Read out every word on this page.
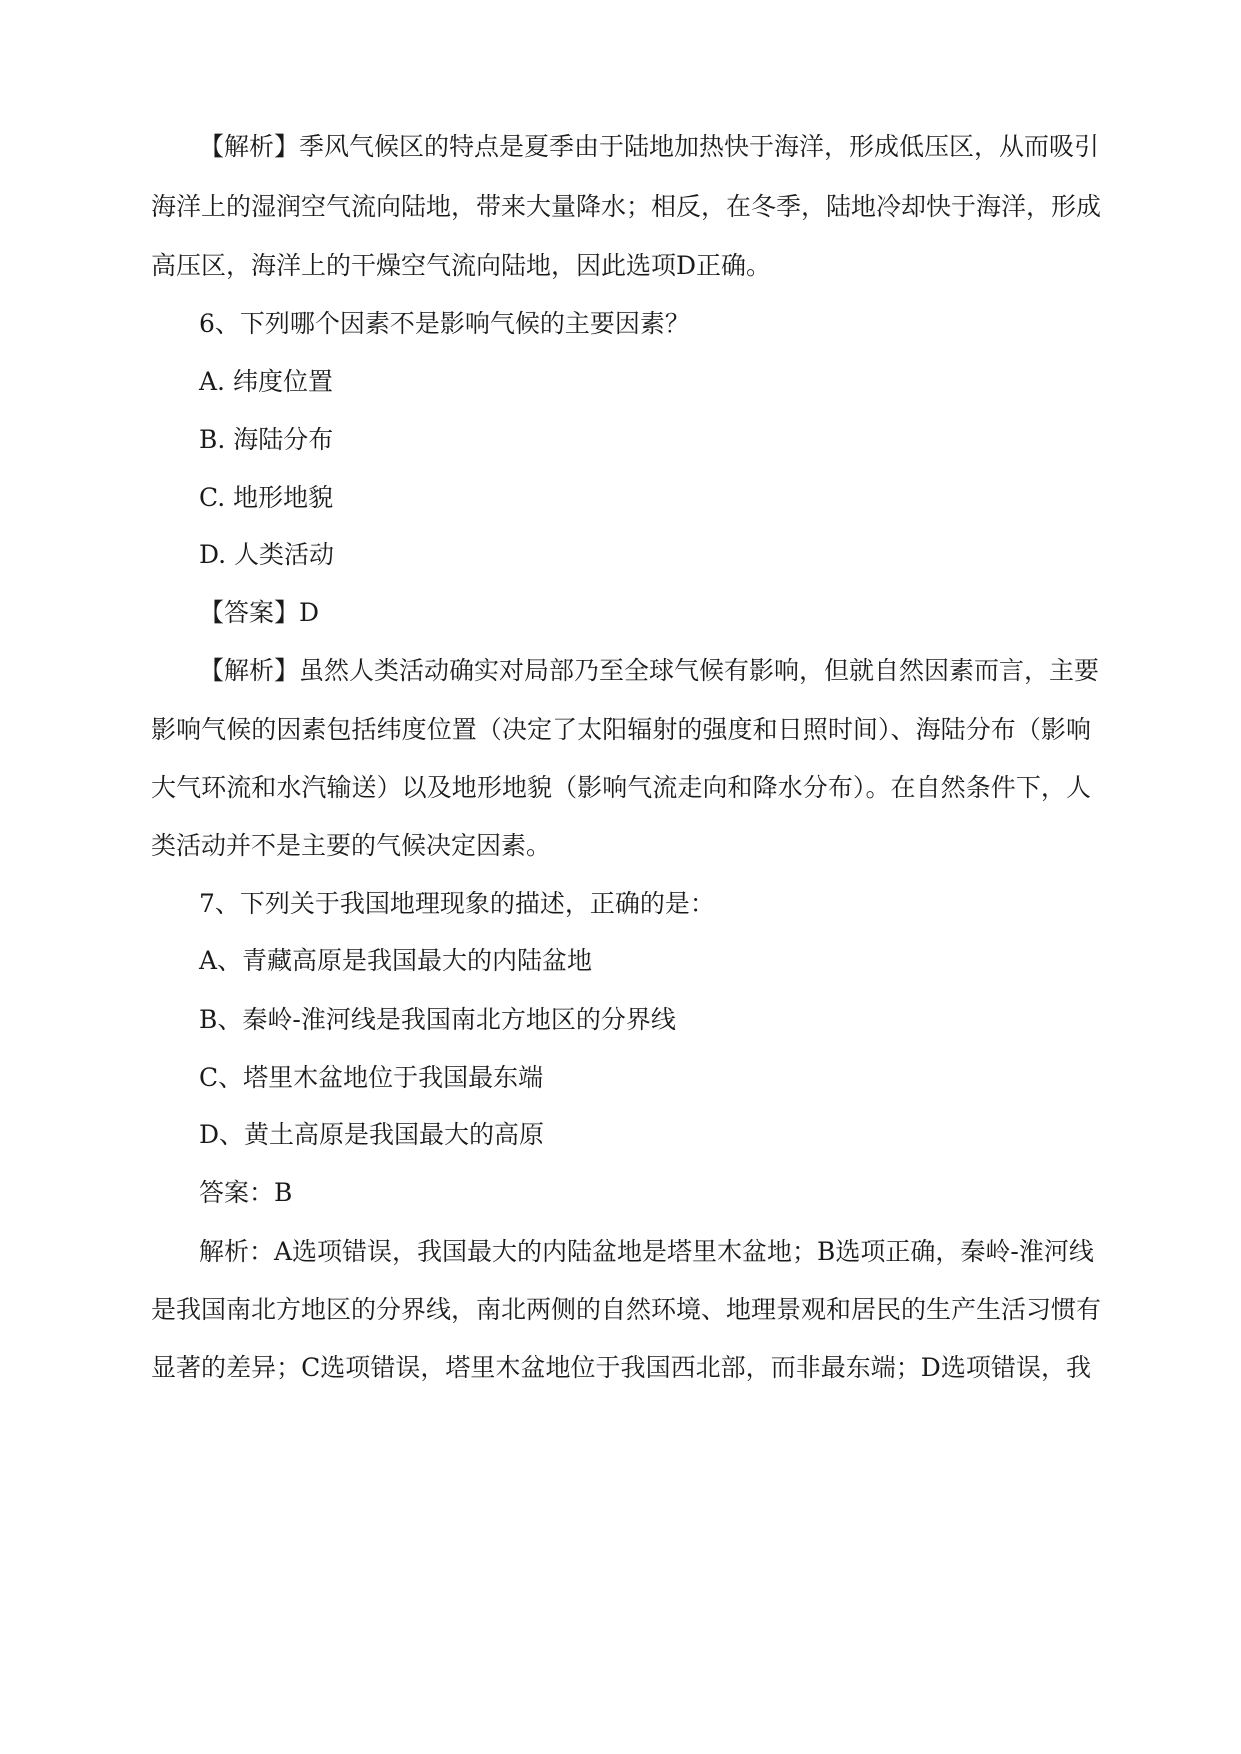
【解析】季风气候区的特点是夏季由于陆地加热快于海洋，形成低压区，从而吸引
海洋上的湿润空气流向陆地，带来大量降水；相反，在冬季，陆地冷却快于海洋，形成
高压区，海洋上的干燥空气流向陆地，因此选项D正确。
6、下列哪个因素不是影响气候的主要因素？
A. 纬度位置
B. 海陆分布
C. 地形地貌
D. 人类活动
【答案】D
【解析】虽然人类活动确实对局部乃至全球气候有影响，但就自然因素而言，主要
影响气候的因素包括纬度位置（决定了太阳辐射的强度和日照时间）、海陆分布（影响
大气环流和水汽输送）以及地形地貌（影响气流走向和降水分布）。在自然条件下，人
类活动并不是主要的气候决定因素。
7、下列关于我国地理现象的描述，正确的是：
A、青藏高原是我国最大的内陆盆地
B、秦岭-淮河线是我国南北方地区的分界线
C、塔里木盆地位于我国最东端
D、黄土高原是我国最大的高原
答案：B
解析：A选项错误，我国最大的内陆盆地是塔里木盆地；B选项正确，秦岭-淮河线
是我国南北方地区的分界线，南北两侧的自然环境、地理景观和居民的生产生活习惯有
显著的差异；C选项错误，塔里木盆地位于我国西北部，而非最东端；D选项错误，我
